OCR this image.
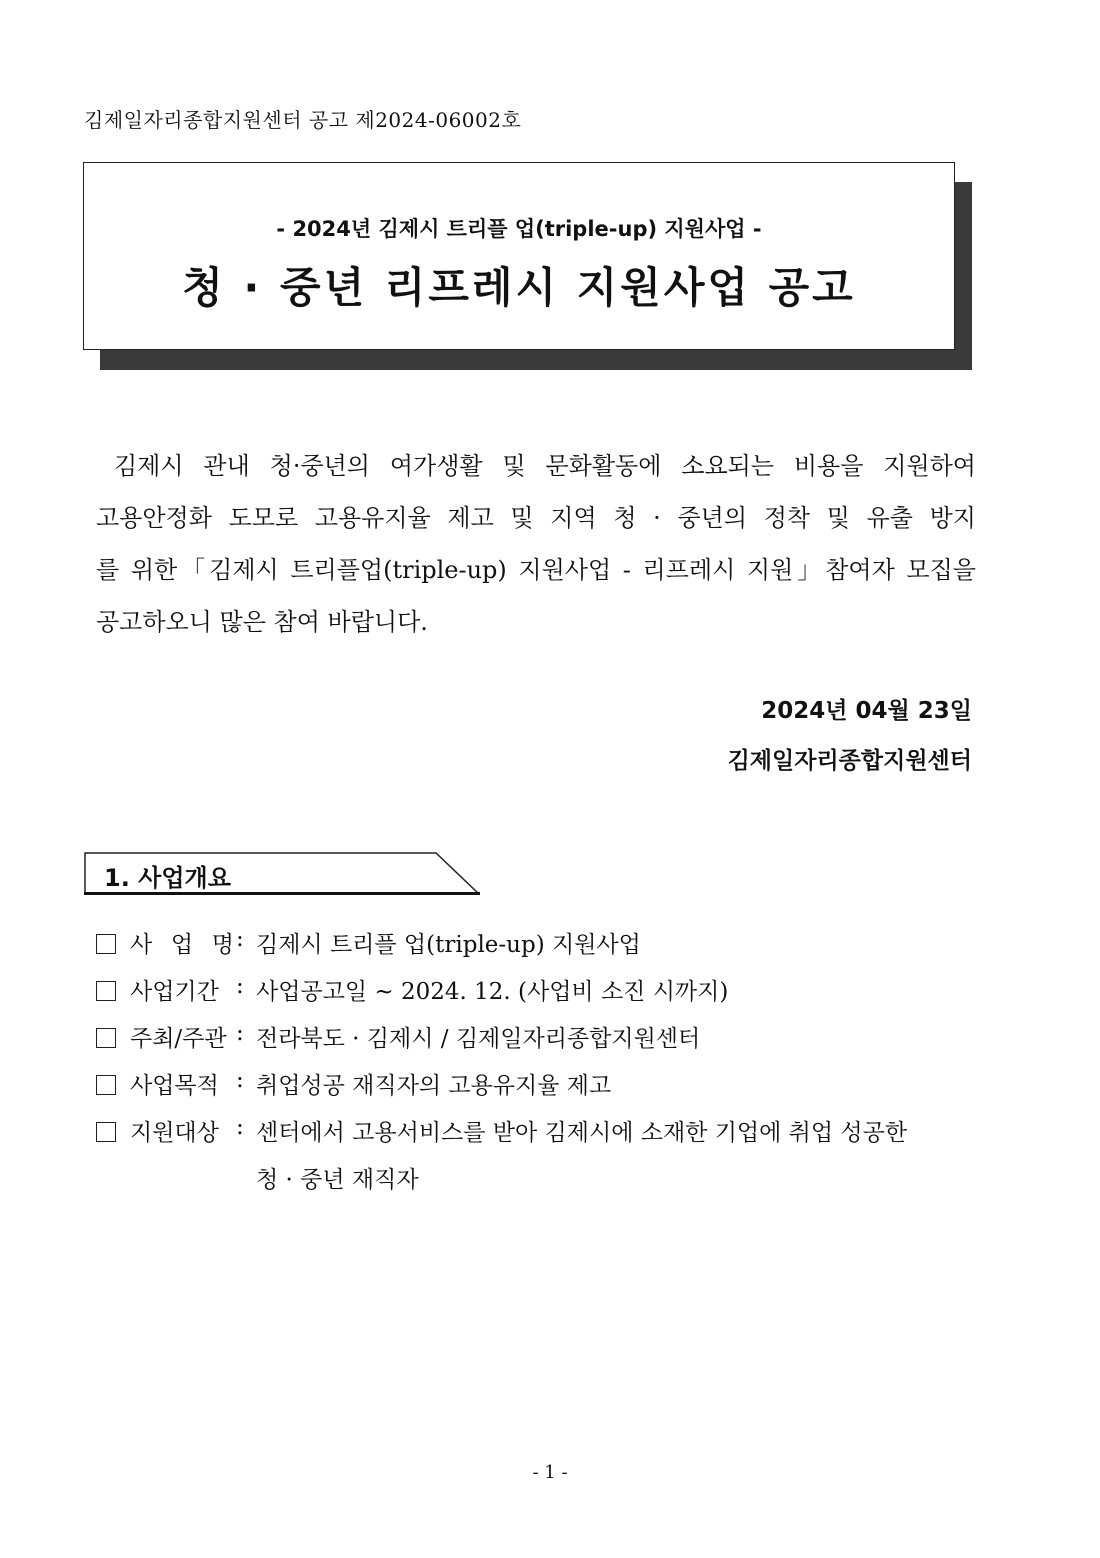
김제일자리종합지원센터 공고 제2024-06002호
- 2024년 김제시 트리플 업(triple-up) 지원사업 -
청 · 중년 리프레시 지원사업 공고
김제시 관내 청·중년의 여가생활 및 문화활동에 소요되는 비용을 지원하여
고용안정화 도모로 고용유지율 제고 및 지역 청 · 중년의 정착 및 유출 방지
를 위한「김제시 트리플업(triple-up) 지원사업 - 리프레시 지원」참여자 모집을
공고하오니 많은 참여 바랍니다.
2024년 04월 23일
김제일자리종합지원센터
1. 사업개요
사 업 명 : 김제시 트리플 업(triple-up) 지원사업
사업기간 : 사업공고일 ~ 2024. 12. (사업비 소진 시까지)
주최/주관 : 전라북도 · 김제시 / 김제일자리종합지원센터
사업목적 : 취업성공 재직자의 고용유지율 제고
지원대상 : 센터에서 고용서비스를 받아 김제시에 소재한 기업에 취업 성공한
청 · 중년 재직자
- 1 -
